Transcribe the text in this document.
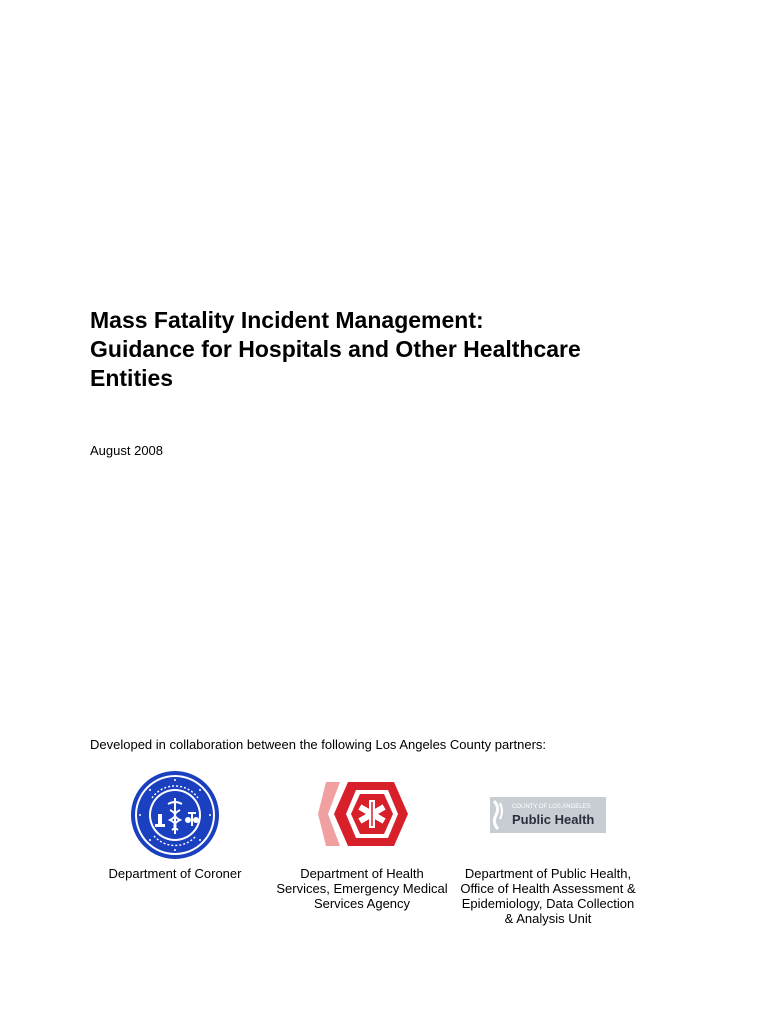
Mass Fatality Incident Management:
Guidance for Hospitals and Other Healthcare
Entities
August 2008
Developed in collaboration between the following Los Angeles County partners:
COUNTY OF LOS ANGELES
Public Health
Department of Coroner	Department of Health
Services, Emergency Medical
Services Agency
Department of Public Health,
Office of Health Assessment &
Epidemiology, Data Collection
& Analysis Unit
